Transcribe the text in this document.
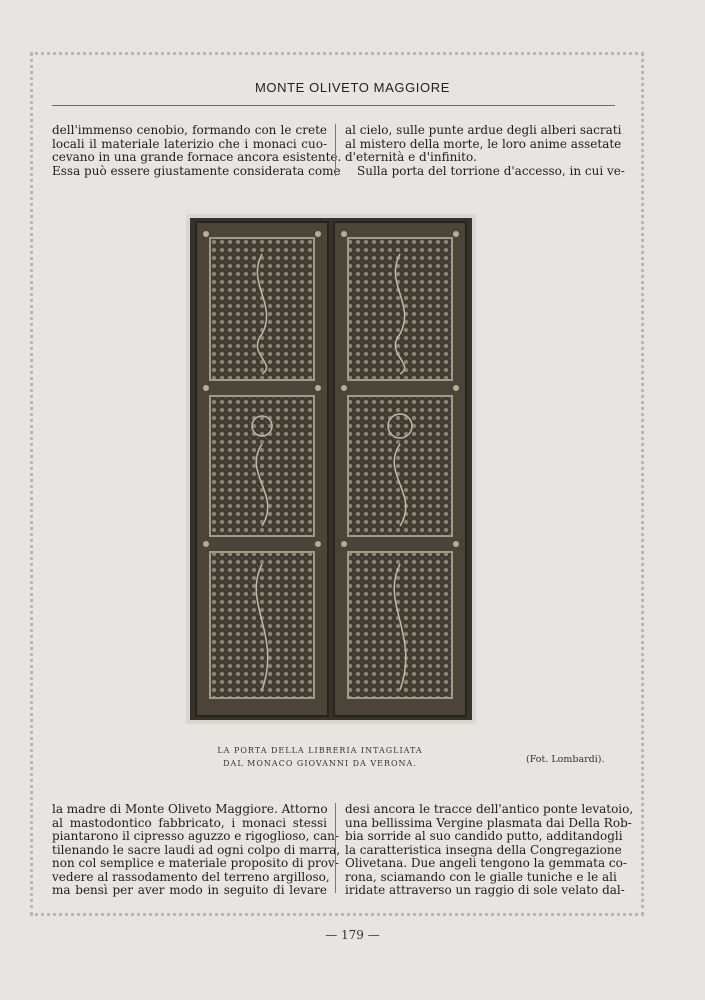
MONTE OLIVETO MAGGIORE
dell'immenso cenobio, formando con le crete
locali il materiale laterizio che i monaci cuo-
cevano in una grande fornace ancora esistente.
Essa può essere giustamente considerata come
al cielo, sulle punte ardue degli alberi sacrati
al mistero della morte, le loro anime assetate
d'eternità e d'infinito.
Sulla porta del torrione d'accesso, in cui ve-
LA PORTA DELLA LIBRERIA INTAGLIATA
DAL MONACO GIOVANNI DA VERONA.	(Fot. Lombardi).
la madre di Monte Oliveto Maggiore. Attorno
al mastodontico fabbricato, i monaci stessi
piantarono il cipresso aguzzo e rigoglioso, can-
tilenando le sacre laudi ad ogni colpo di marra,
non col semplice e materiale proposito di prov-
vedere al rassodamento del terreno argilloso,
ma bensì per aver modo in seguito di levare
desi ancora le tracce dell'antico ponte levatoio,
una bellissima Vergine plasmata dai Della Rob-
bia sorride al suo candido putto, additandogli
la caratteristica insegna della Congregazione
Olivetana. Due angeli tengono la gemmata co-
rona, sciamando con le gialle tuniche e le ali
iridate attraverso un raggio di sole velato dal-
— 179 —
